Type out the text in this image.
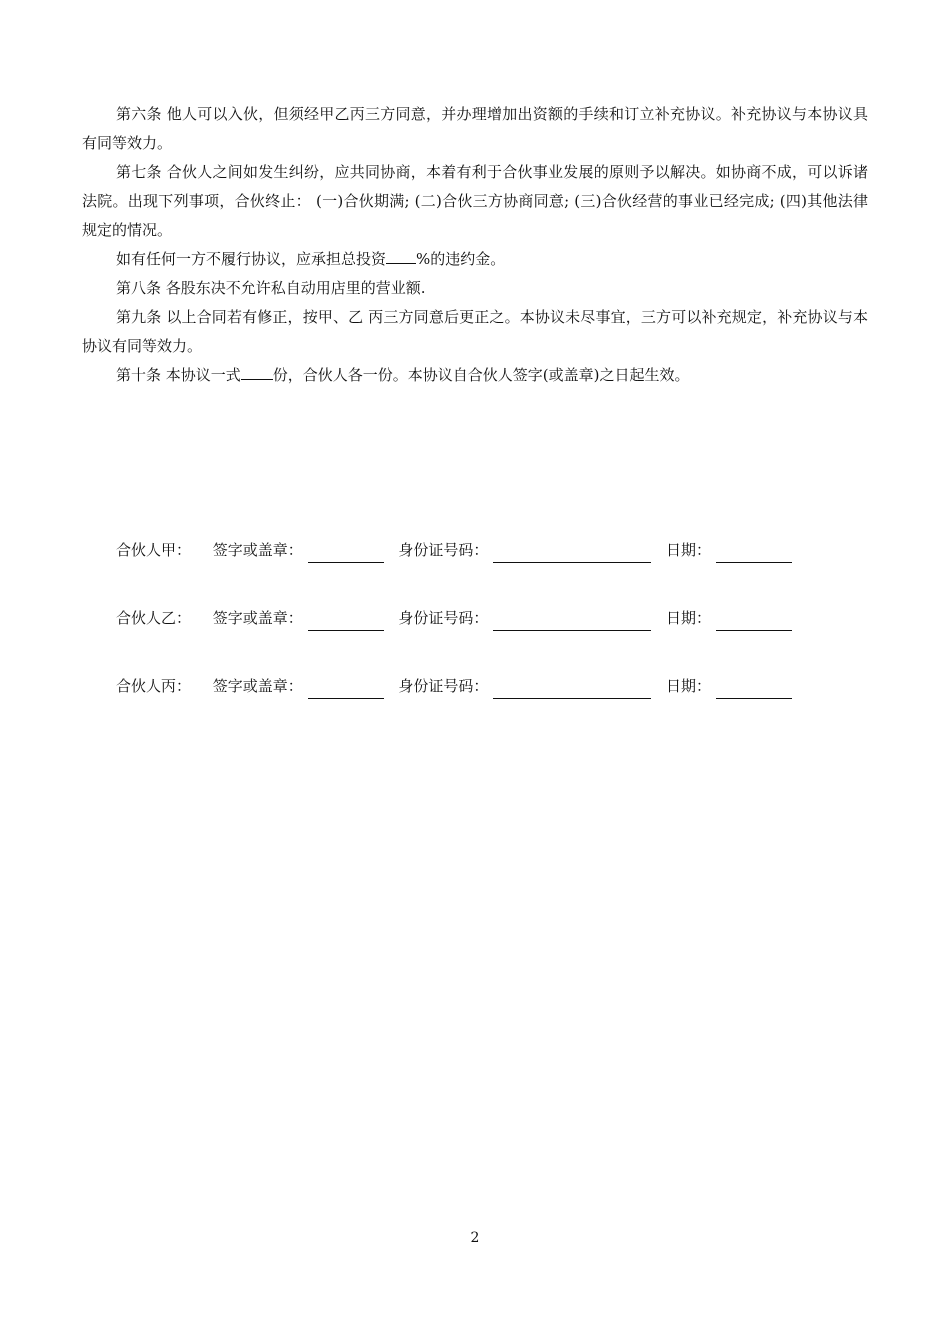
第六条 他人可以入伙，但须经甲乙丙三方同意，并办理增加出资额的手续和订立补充协议。补充协议与本协议具有同等效力。

第七条 合伙人之间如发生纠纷，应共同协商，本着有利于合伙事业发展的原则予以解决。如协商不成，可以诉诸法院。出现下列事项，合伙终止： (一)合伙期满; (二)合伙三方协商同意; (三)合伙经营的事业已经完成; (四)其他法律规定的情况。

如有任何一方不履行协议，应承担总投资 %的违约金。

第八条 各股东决不允许私自动用店里的营业额.

第九条 以上合同若有修正，按甲、乙 丙三方同意后更正之。本协议未尽事宜，三方可以补充规定，补充协议与本协议有同等效力。

第十条 本协议一式 份，合伙人各一份。本协议自合伙人签字(或盖章)之日起生效。

合伙人甲： 签字或盖章：	身份证号码：	日期：
合伙人乙： 签字或盖章：	身份证号码：	日期：
合伙人丙： 签字或盖章：	身份证号码：	日期：
2
